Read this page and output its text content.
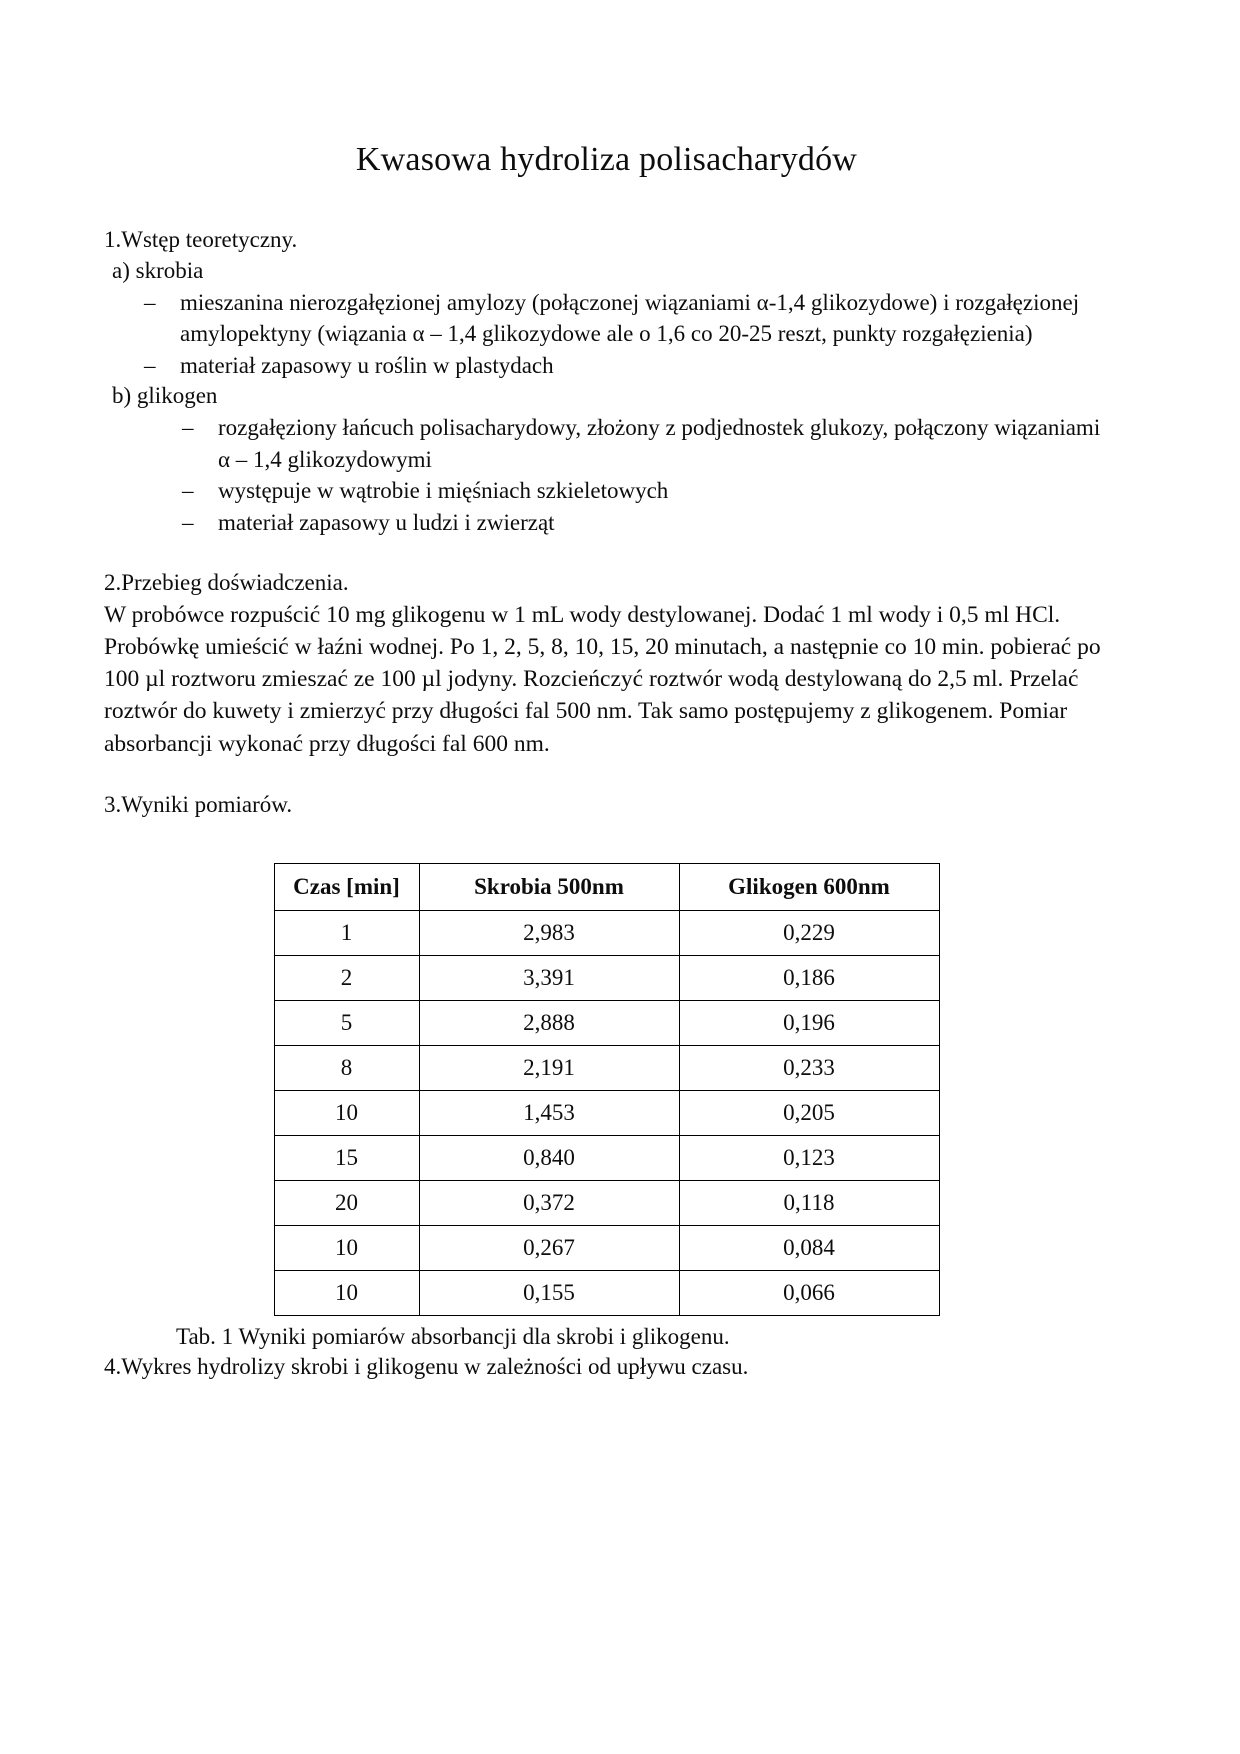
Kwasowa hydroliza polisacharydów

1.Wstęp teoretyczny.

a) skrobia

– mieszanina nierozgałęzionej amylozy (połączonej wiązaniami α-1,4 glikozydowe) i rozgałęzionej amylopektyny (wiązania α – 1,4 glikozydowe ale o 1,6 co 20-25 reszt, punkty rozgałęzienia)
– materiał zapasowy u roślin w plastydach

b) glikogen

– rozgałęziony łańcuch polisacharydowy, złożony z podjednostek glukozy, połączony wiązaniami α – 1,4 glikozydowymi
– występuje w wątrobie i mięśniach szkieletowych
– materiał zapasowy u ludzi i zwierząt

2.Przebieg doświadczenia.

W probówce rozpuścić 10 mg glikogenu w 1 mL wody destylowanej. Dodać 1 ml wody i 0,5 ml HCl. Probówkę umieścić w łaźni wodnej. Po 1, 2, 5, 8, 10, 15, 20 minutach, a następnie co 10 min. pobierać po 100 µl roztworu zmieszać ze 100 µl jodyny. Rozcieńczyć roztwór wodą destylowaną do 2,5 ml. Przelać roztwór do kuwety i zmierzyć przy długości fal 500 nm. Tak samo postępujemy z glikogenem. Pomiar absorbancji wykonać przy długości fal 600 nm.

3.Wyniki pomiarów.

Czas [min]	Skrobia 500nm	Glikogen 600nm
1	2,983	0,229
2	3,391	0,186
5	2,888	0,196
8	2,191	0,233
10	1,453	0,205
15	0,840	0,123
20	0,372	0,118
10	0,267	0,084
10	0,155	0,066

Tab. 1 Wyniki pomiarów absorbancji dla skrobi i glikogenu.

4.Wykres hydrolizy skrobi i glikogenu w zależności od upływu czasu.
